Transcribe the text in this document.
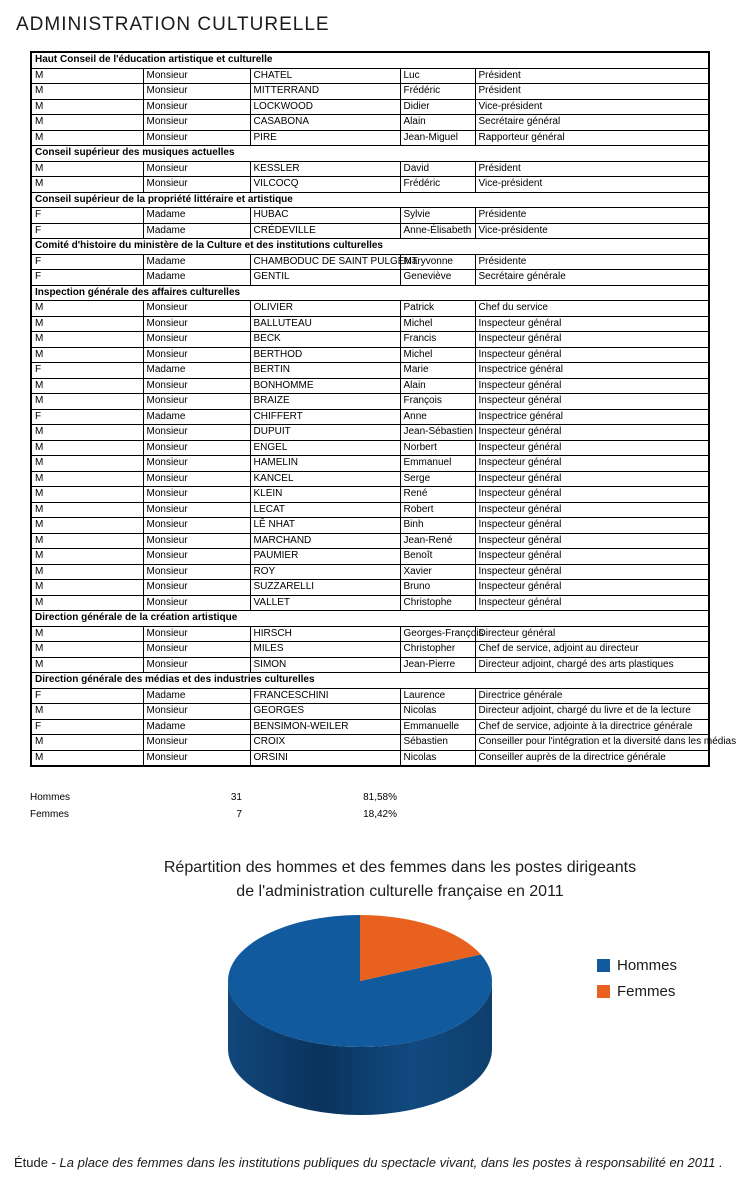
ADMINISTRATION CULTURELLE
Haut Conseil de l'éducation artistique et culturelle				
M	Monsieur	CHATEL	Luc	Président
M	Monsieur	MITTERRAND	Frédéric	Président
M	Monsieur	LOCKWOOD	Didier	Vice-président
M	Monsieur	CASABONA	Alain	Secrétaire général
M	Monsieur	PIRE	Jean-Miguel	Rapporteur général
Conseil supérieur des musiques actuelles				
M	Monsieur	KESSLER	David	Président
M	Monsieur	VILCOCQ	Frédéric	Vice-président
Conseil supérieur de la propriété littéraire et artistique				
F	Madame	HUBAC	Sylvie	Présidente
F	Madame	CRÉDEVILLE	Anne-Élisabeth	Vice-présidente
Comité d'histoire du ministère de la Culture et des institutions culturelles				
F	Madame	CHAMBODUC DE SAINT PULGENT	Maryvonne	Présidente
F	Madame	GENTIL	Geneviève	Secrétaire générale
Inspection générale des affaires culturelles				
M	Monsieur	OLIVIER	Patrick	Chef du service
M	Monsieur	BALLUTEAU	Michel	Inspecteur général
M	Monsieur	BECK	Francis	Inspecteur général
M	Monsieur	BERTHOD	Michel	Inspecteur général
F	Madame	BERTIN	Marie	Inspectrice général
M	Monsieur	BONHOMME	Alain	Inspecteur général
M	Monsieur	BRAIZE	François	Inspecteur général
F	Madame	CHIFFERT	Anne	Inspectrice général
M	Monsieur	DUPUIT	Jean-Sébastien	Inspecteur général
M	Monsieur	ENGEL	Norbert	Inspecteur général
M	Monsieur	HAMELIN	Emmanuel	Inspecteur général
M	Monsieur	KANCEL	Serge	Inspecteur général
M	Monsieur	KLEIN	René	Inspecteur général
M	Monsieur	LECAT	Robert	Inspecteur général
M	Monsieur	LÊ NHAT	Binh	Inspecteur général
M	Monsieur	MARCHAND	Jean-René	Inspecteur général
M	Monsieur	PAUMIER	Benoît	Inspecteur général
M	Monsieur	ROY	Xavier	Inspecteur général
M	Monsieur	SUZZARELLI	Bruno	Inspecteur général
M	Monsieur	VALLET	Christophe	Inspecteur général
Direction générale de la création artistique				
M	Monsieur	HIRSCH	Georges-François	Directeur général
M	Monsieur	MILES	Christopher	Chef de service, adjoint au directeur
M	Monsieur	SIMON	Jean-Pierre	Directeur adjoint, chargé des arts plastiques
Direction générale des médias et des industries culturelles				
F	Madame	FRANCESCHINI	Laurence	Directrice générale
M	Monsieur	GEORGES	Nicolas	Directeur adjoint, chargé du livre et de la lecture
F	Madame	BENSIMON-WEILER	Emmanuelle	Chef de service, adjointe à la directrice générale
M	Monsieur	CROIX	Sébastien	Conseiller pour l'intégration et la diversité dans les médias
M	Monsieur	ORSINI	Nicolas	Conseiller auprès de la directrice générale
Hommes	31	81,58%
Femmes	7	18,42%
Répartition des hommes et des femmes dans les postes dirigeants de l'administration culturelle française en 2011
Hommes
Femmes
Étude - La place des femmes dans les institutions publiques du spectacle vivant, dans les postes à responsabilité en 2011 .
